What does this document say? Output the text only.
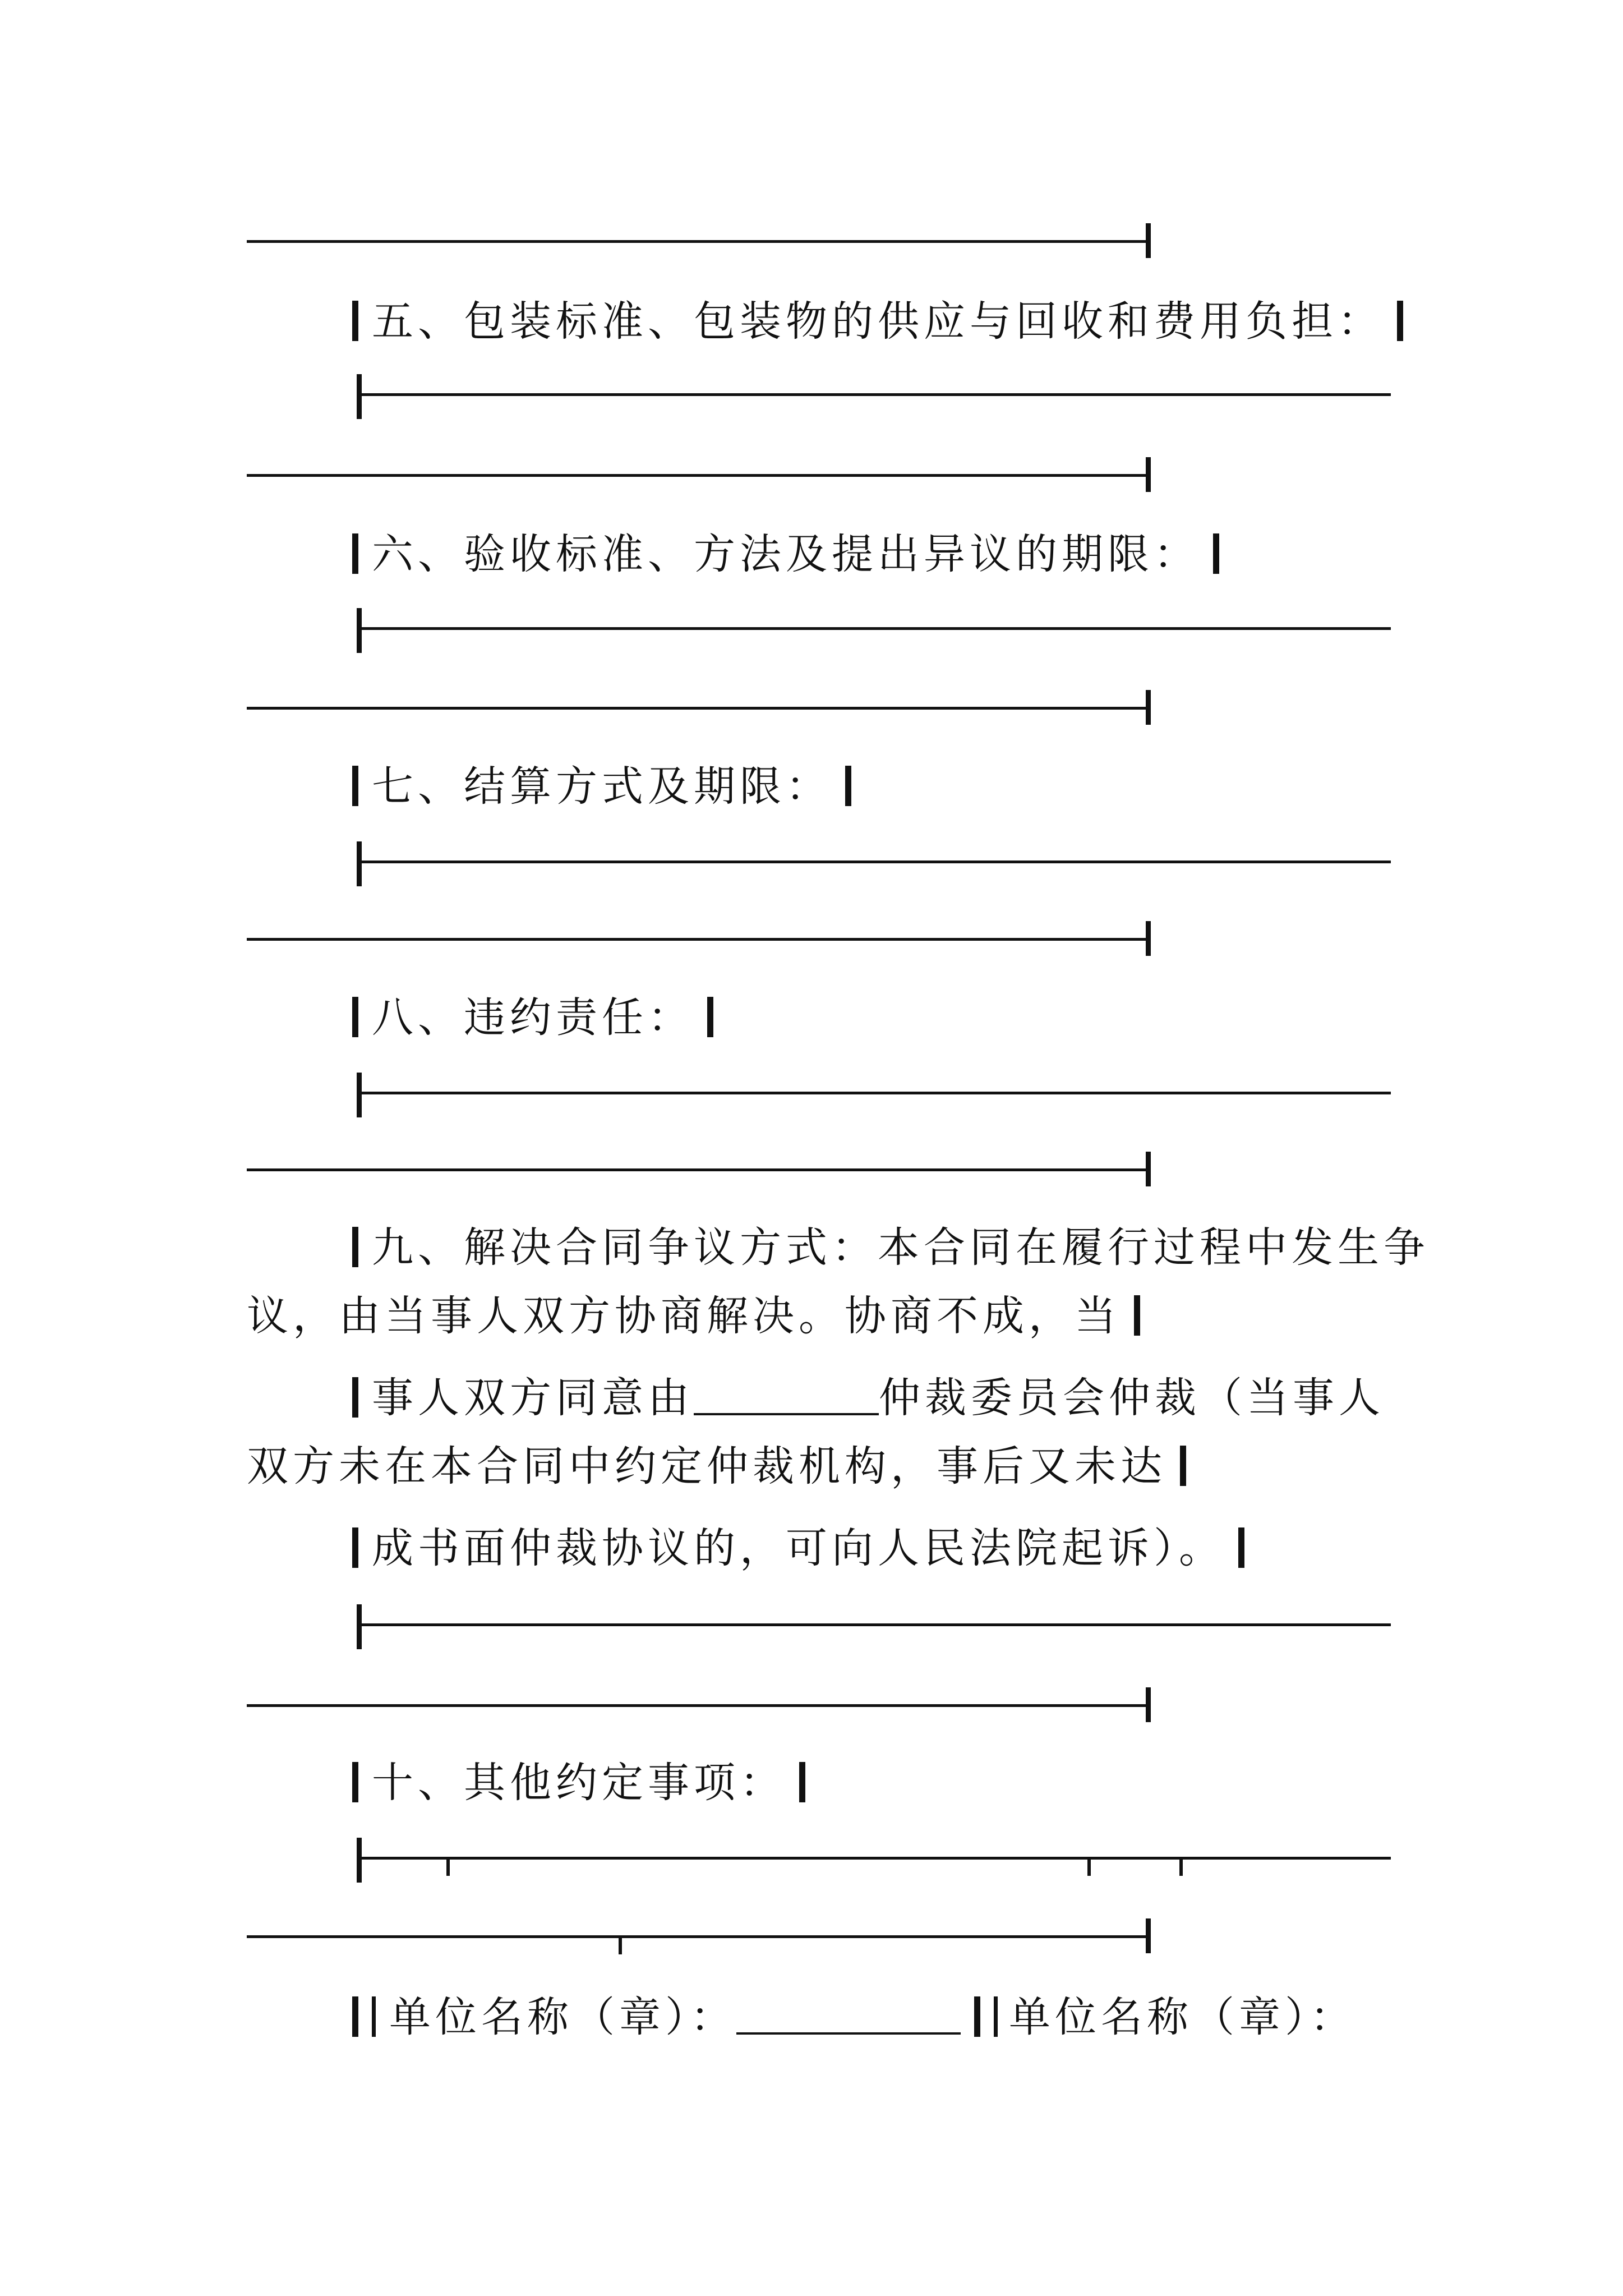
五、包装标准、包装物的供应与回收和费用负担：
六、验收标准、方法及提出异议的期限：
七、结算方式及期限：
八、违约责任：
九、解决合同争议方式：本合同在履行过程中发生争
议，由当事人双方协商解决。协商不成，当
事人双方同意由	仲裁委员会仲裁（当事人
双方未在本合同中约定仲裁机构，事后又未达
成书面仲裁协议的，可向人民法院起诉）。
十、其他约定事项：
单位名称（章）：	单位名称（章）：
